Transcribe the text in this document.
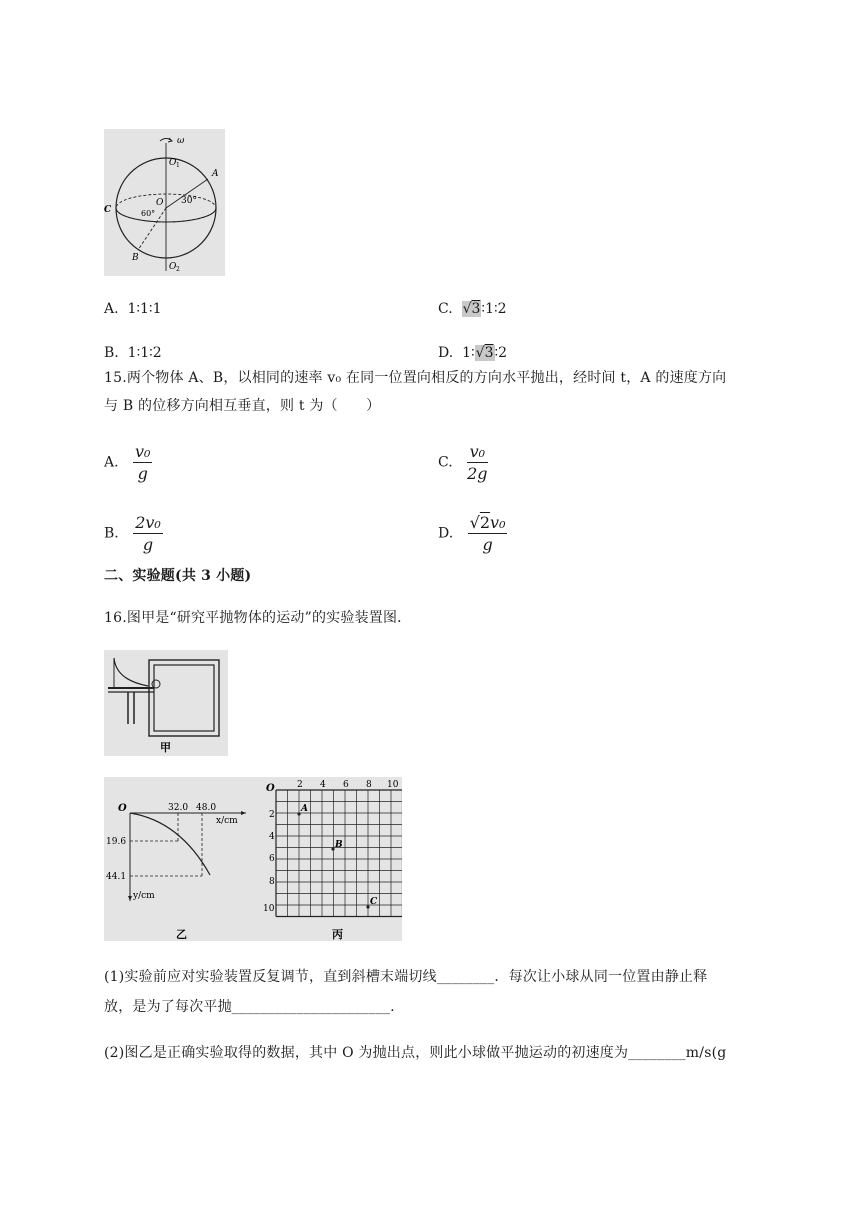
ω
O 1
A
C
O 30°
60°
B
O 2
A. 1∶1∶1	C. √3∶1∶2
B. 1∶1∶2	D. 1∶√3∶2
15.两个物体 A、B，以相同的速率 v₀ 在同一位置向相反的方向水平抛出，经时间 t，A 的速度方向
与 B 的位移方向相互垂直，则 t 为（　　）
A. $\frac{\text{v₀}}{g}$	C. $\frac{\text{v₀}}{2g}$
B. $\frac{\text{2v₀}}{g}$	D. $\frac{\text{√2v₀}}{g}$
二、实验题(共 3 小题)
16.图甲是“研究平抛物体的运动”的实验装置图．
甲
O	32.0 48.0
x/cm
19.6
44.1
y/cm
乙
O 2 4 6 8 10
2
4
6
8
10
A
B
C
丙
(1)实验前应对实验装置反复调节，直到斜槽末端切线________．每次让小球从同一位置由静止释
放，是为了每次平抛______________________．
(2)图乙是正确实验取得的数据，其中 O 为抛出点，则此小球做平抛运动的初速度为________m/s(g
